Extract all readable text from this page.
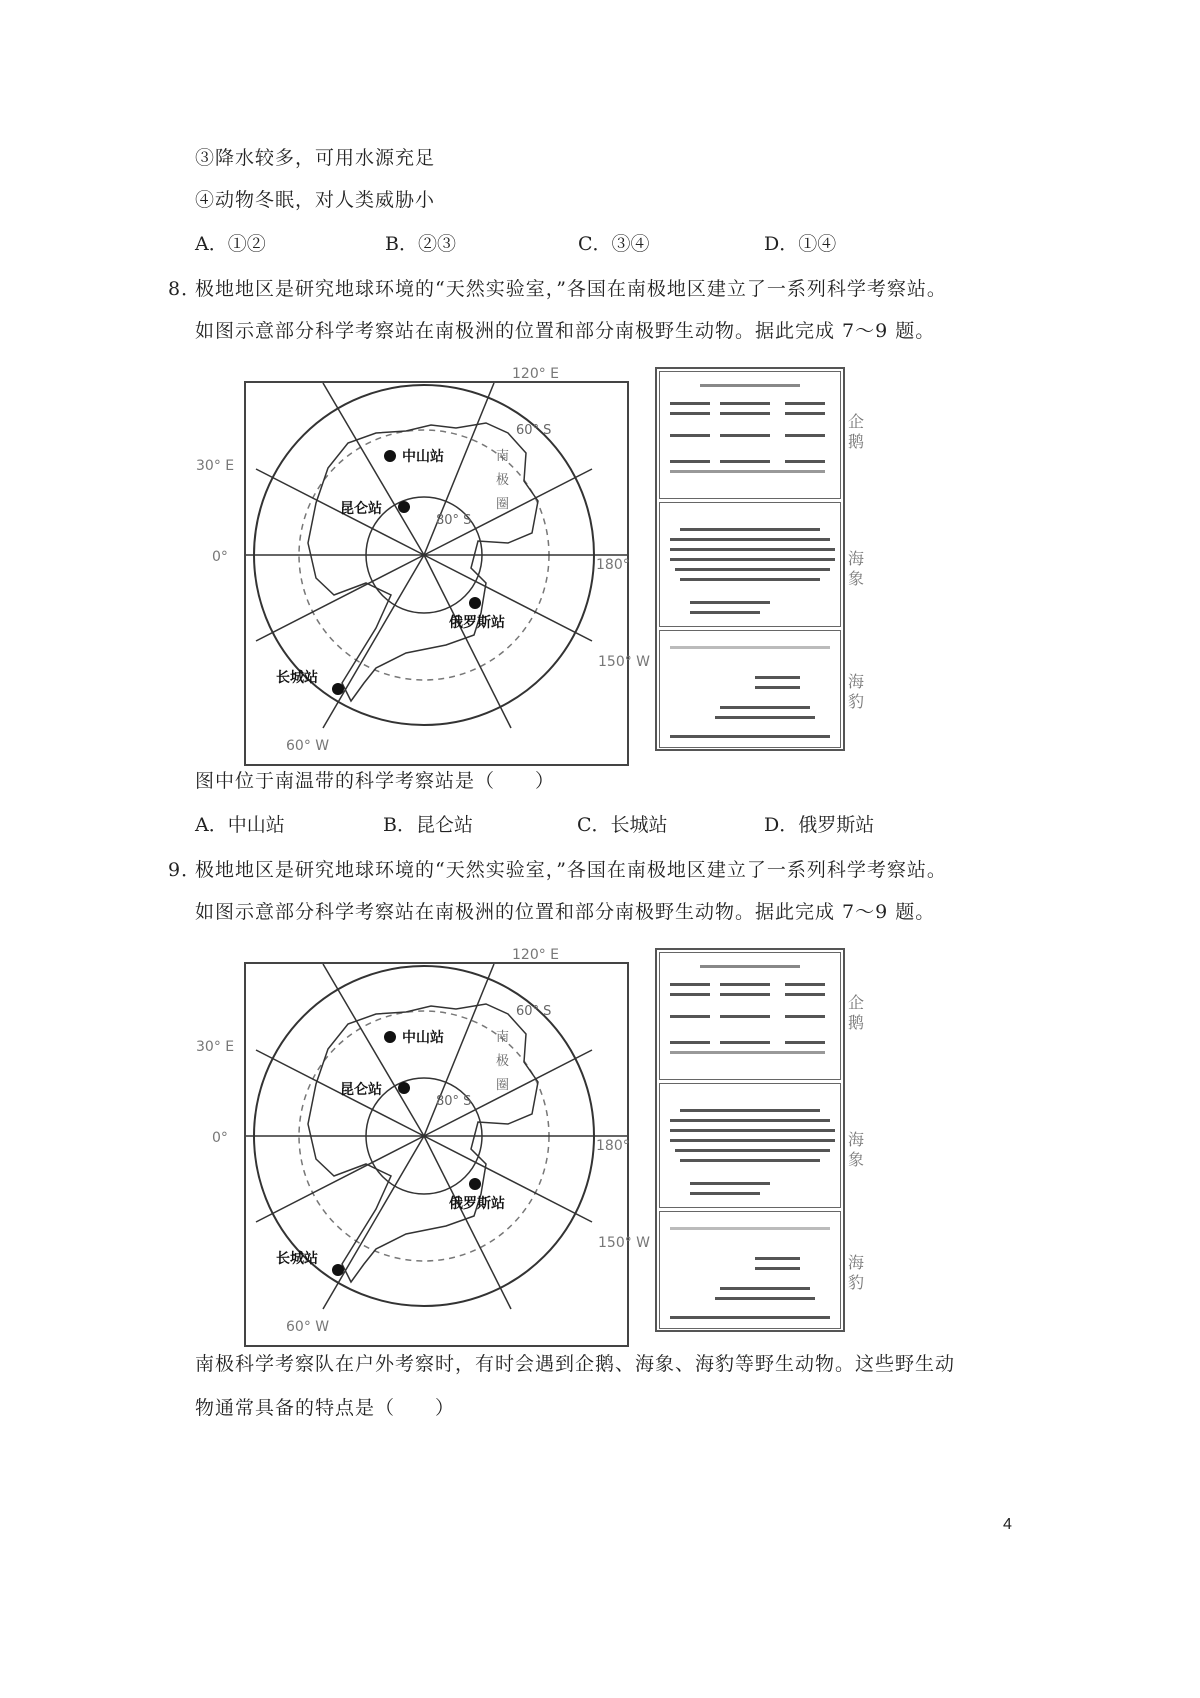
③降水较多，可用水源充足
④动物冬眠，对人类威胁小
A．①②	B．②③	C．③④	D．①④
8．
极地地区是研究地球环境的“天然实验室，”各国在南极地区建立了一系列科学考察站。
如图示意部分科学考察站在南极洲的位置和部分南极野生动物。据此完成 7～9 题。
中山站
昆仑站
俄罗斯站
长城站
80° S
60° S
南极圈
120° E
30° E
0°	180°
150° W
60° W
企鹅
海象
海豹
图中位于南温带的科学考察站是（　　）
A．中山站	B．昆仑站	C．长城站	D．俄罗斯站
9．
极地地区是研究地球环境的“天然实验室，”各国在南极地区建立了一系列科学考察站。
如图示意部分科学考察站在南极洲的位置和部分南极野生动物。据此完成 7～9 题。
中山站
昆仑站
俄罗斯站
长城站
80° S
60° S
南极圈
120° E
30° E
0°	180°
150° W
60° W
企鹅
海象
海豹
南极科学考察队在户外考察时，有时会遇到企鹅、海象、海豹等野生动物。这些野生动
物通常具备的特点是（　　）
4
